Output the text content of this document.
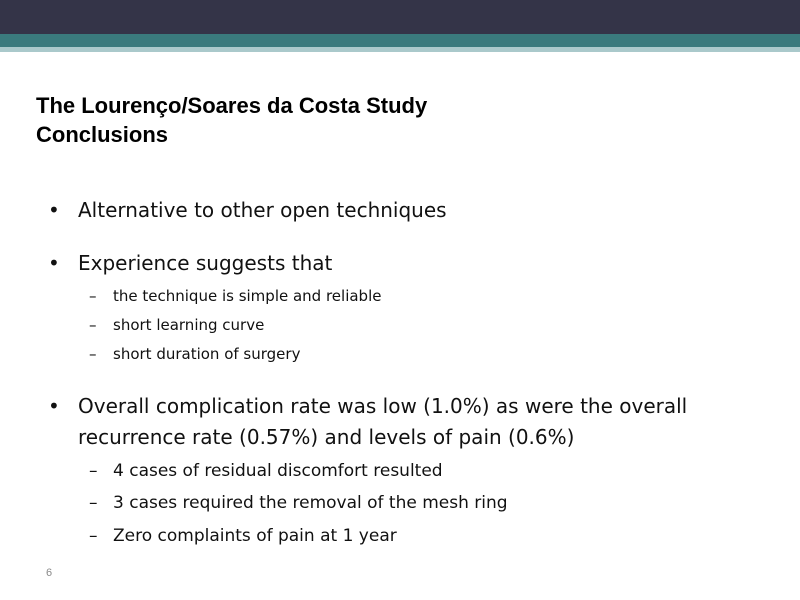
The Lourenço/Soares da Costa Study
Conclusions
• Alternative to other open techniques
• Experience suggests that
– the technique is simple and reliable
– short learning curve
– short duration of surgery
• Overall complication rate was low (1.0%) as were the overall recurrence rate (0.57%) and levels of pain (0.6%)
– 4 cases of residual discomfort resulted
– 3 cases required the removal of the mesh ring
– Zero complaints of pain at 1 year
6
